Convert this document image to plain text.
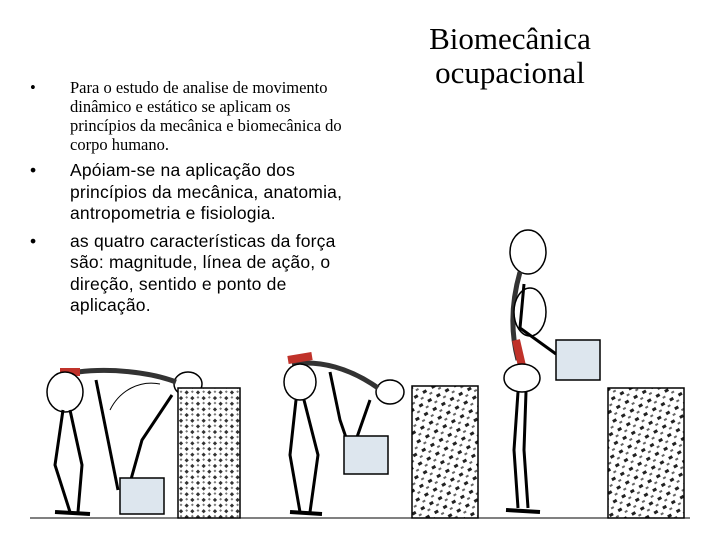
Biomecânica
ocupacional
• Para o estudo de analise de movimento dinâmico e estático se aplicam os princípios da mecânica e biomecânica do corpo humano.
• Apóiam-se na aplicação dos princípios da mecânica, anatomia, antropometria e fisiologia.
• as quatro características da força são: magnitude, línea de ação, o direção, sentido e ponto de aplicação.
